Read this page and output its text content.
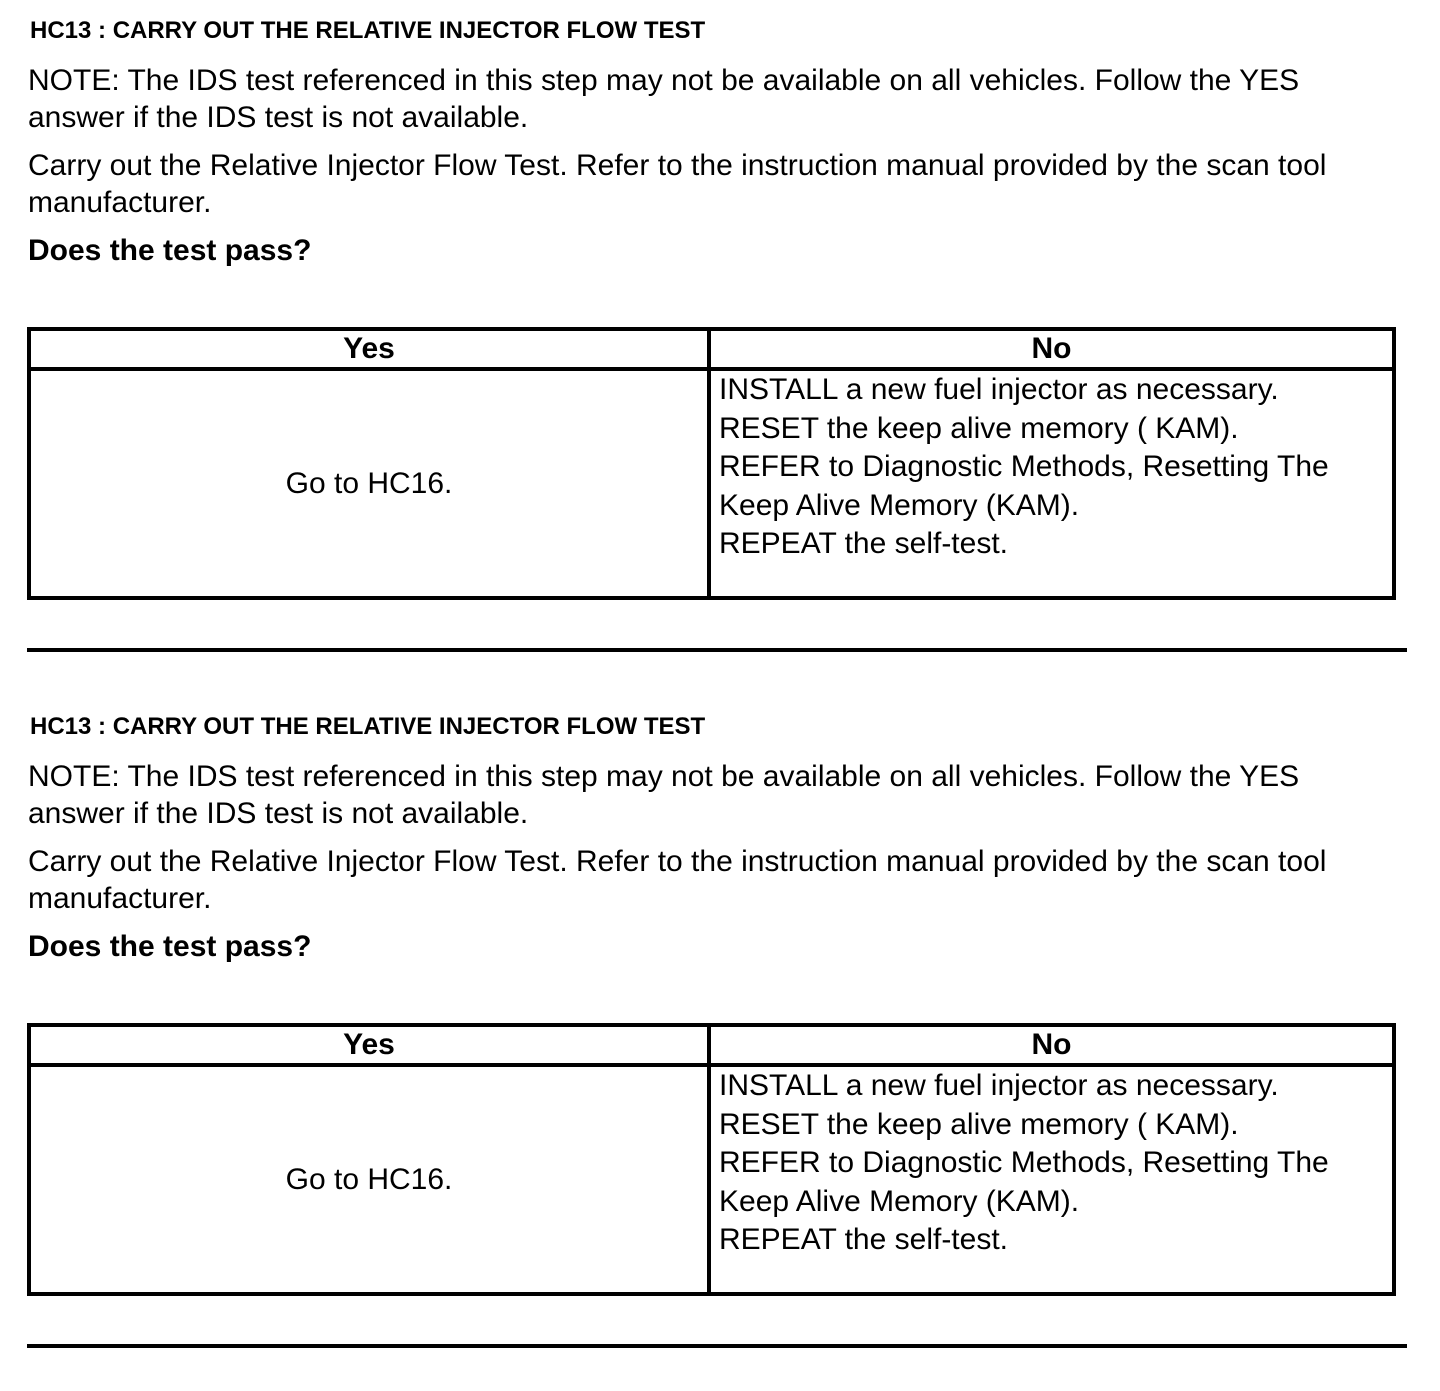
HC13 : CARRY OUT THE RELATIVE INJECTOR FLOW TEST

NOTE: The IDS test referenced in this step may not be available on all vehicles. Follow the YES answer if the IDS test is not available.

Carry out the Relative Injector Flow Test. Refer to the instruction manual provided by the scan tool manufacturer.

Does the test pass?
Yes	No
Go to HC16.	INSTALL a new fuel injector as necessary.
RESET the keep alive memory ( KAM).
REFER to Diagnostic Methods, Resetting The
Keep Alive Memory (KAM).
REPEAT the self-test.
HC13 : CARRY OUT THE RELATIVE INJECTOR FLOW TEST

NOTE: The IDS test referenced in this step may not be available on all vehicles. Follow the YES answer if the IDS test is not available.

Carry out the Relative Injector Flow Test. Refer to the instruction manual provided by the scan tool manufacturer.

Does the test pass?
Yes	No
Go to HC16.	INSTALL a new fuel injector as necessary.
RESET the keep alive memory ( KAM).
REFER to Diagnostic Methods, Resetting The
Keep Alive Memory (KAM).
REPEAT the self-test.
